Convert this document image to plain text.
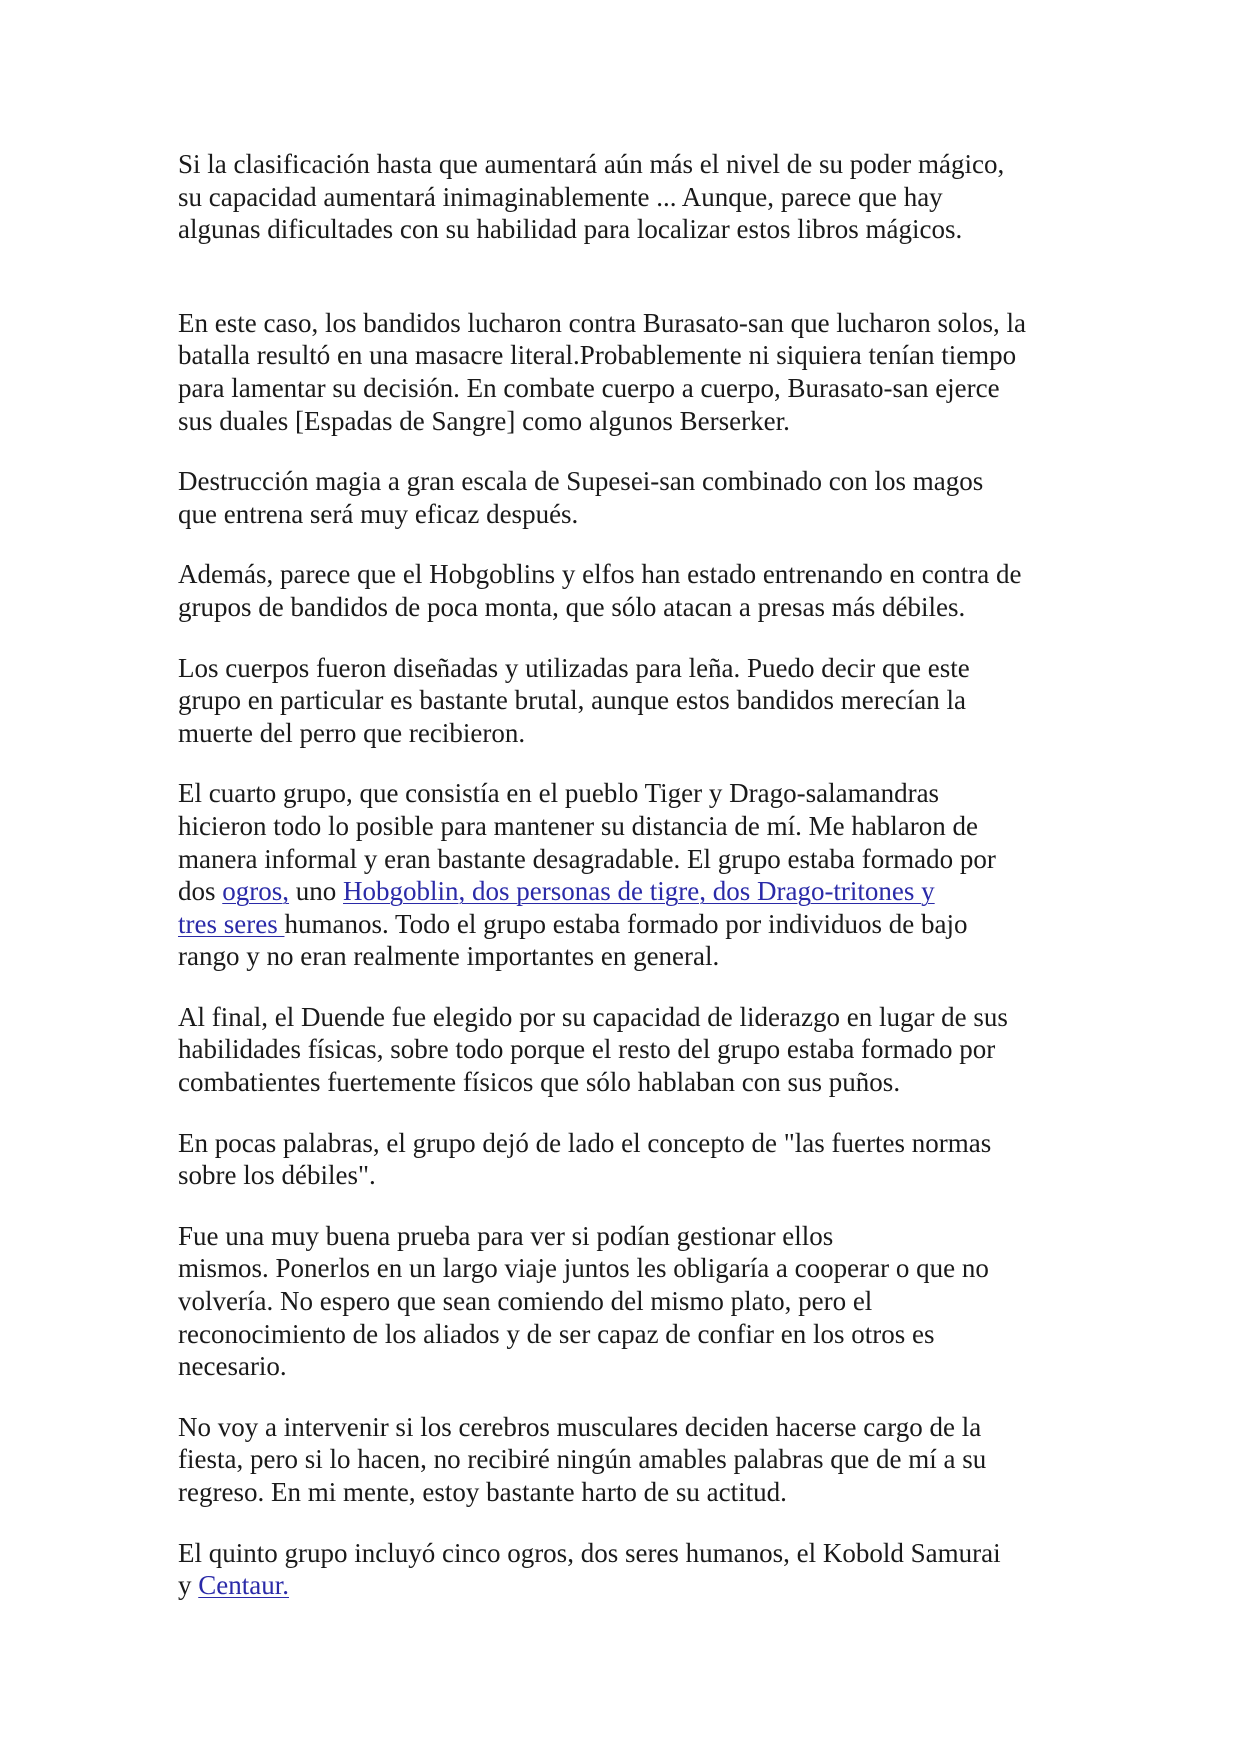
Si la clasificación hasta que aumentará aún más el nivel de su poder mágico,
su capacidad aumentará inimaginablemente ... Aunque, parece que hay
algunas dificultades con su habilidad para localizar estos libros mágicos.

En este caso, los bandidos lucharon contra Burasato-san que lucharon solos, la
batalla resultó en una masacre literal.Probablemente ni siquiera tenían tiempo
para lamentar su decisión. En combate cuerpo a cuerpo, Burasato-san ejerce
sus duales [Espadas de Sangre] como algunos Berserker.

Destrucción magia a gran escala de Supesei-san combinado con los magos
que entrena será muy eficaz después.

Además, parece que el Hobgoblins y elfos han estado entrenando en contra de
grupos de bandidos de poca monta, que sólo atacan a presas más débiles.

Los cuerpos fueron diseñadas y utilizadas para leña. Puedo decir que este
grupo en particular es bastante brutal, aunque estos bandidos merecían la
muerte del perro que recibieron.

El cuarto grupo, que consistía en el pueblo Tiger y Drago-salamandras
hicieron todo lo posible para mantener su distancia de mí. Me hablaron de
manera informal y eran bastante desagradable. El grupo estaba formado por
dos ogros, uno Hobgoblin, dos personas de tigre, dos Drago-tritones y
tres seres humanos. Todo el grupo estaba formado por individuos de bajo
rango y no eran realmente importantes en general.

Al final, el Duende fue elegido por su capacidad de liderazgo en lugar de sus
habilidades físicas, sobre todo porque el resto del grupo estaba formado por
combatientes fuertemente físicos que sólo hablaban con sus puños.

En pocas palabras, el grupo dejó de lado el concepto de "las fuertes normas
sobre los débiles".

Fue una muy buena prueba para ver si podían gestionar ellos
mismos. Ponerlos en un largo viaje juntos les obligaría a cooperar o que no
volvería. No espero que sean comiendo del mismo plato, pero el
reconocimiento de los aliados y de ser capaz de confiar en los otros es
necesario.

No voy a intervenir si los cerebros musculares deciden hacerse cargo de la
fiesta, pero si lo hacen, no recibiré ningún amables palabras que de mí a su
regreso. En mi mente, estoy bastante harto de su actitud.

El quinto grupo incluyó cinco ogros, dos seres humanos, el Kobold Samurai
y Centaur.
